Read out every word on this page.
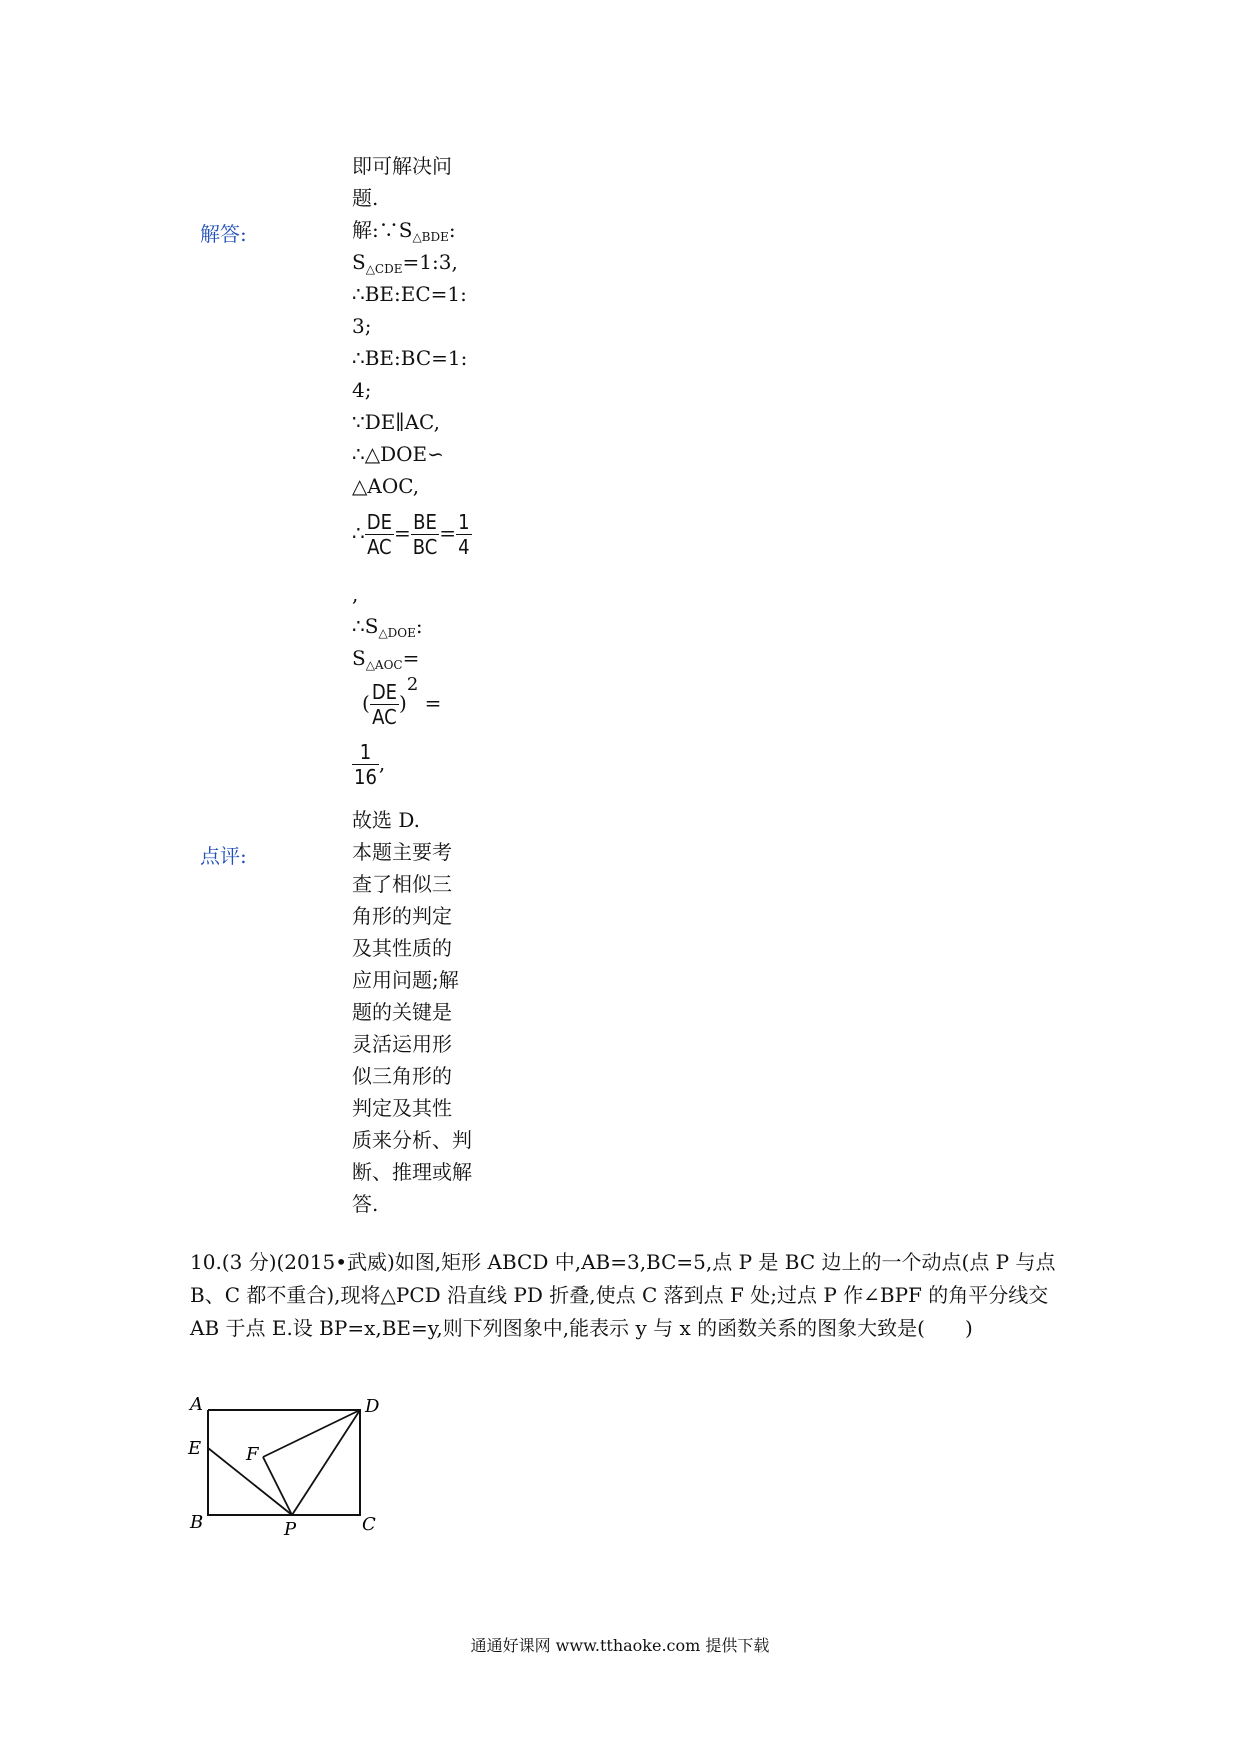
即可解决问
题.
解答:	解$:\because S_{\triangle BDE}$:
$S_{\triangle CDE}=1:3$,
∴BE:EC=1:
3;
∴BE:BC=1:
4;
∵DE∥AC,
∴△DOE∽
△AOC,
∴ $\frac{DE}{AC} = \frac{BE}{BC} = \frac{1}{4}$
,
$\therefore S_{\triangle DOE}$:
$S_{\triangle AOC}=$
( $\frac{DE}{AC} )^2$ =
$\frac{1}{16}$ ,
故选 D.
点评:	本题主要考
查了相似三
角形的判定
及其性质的
应用问题;解
题的关键是
灵活运用形
似三角形的
判定及其性
质来分析、判
断、推理或解
答.
10.(3 分)(2015•武威)如图,矩形 ABCD 中,AB=3,BC=5,点 P 是 BC 边上的一个动点(点 P 与点 B、C 都不重合),现将△PCD 沿直线 PD 折叠,使点 C 落到点 F 处;过点 P 作∠BPF 的角平分线交 AB 于点 E.设 BP=x,BE=y,则下列图象中,能表示 y 与 x 的函数关系的图象大致是(　　)
A	D
E F
B	P	C
通通好课网 www.tthaoke.com 提供下载
